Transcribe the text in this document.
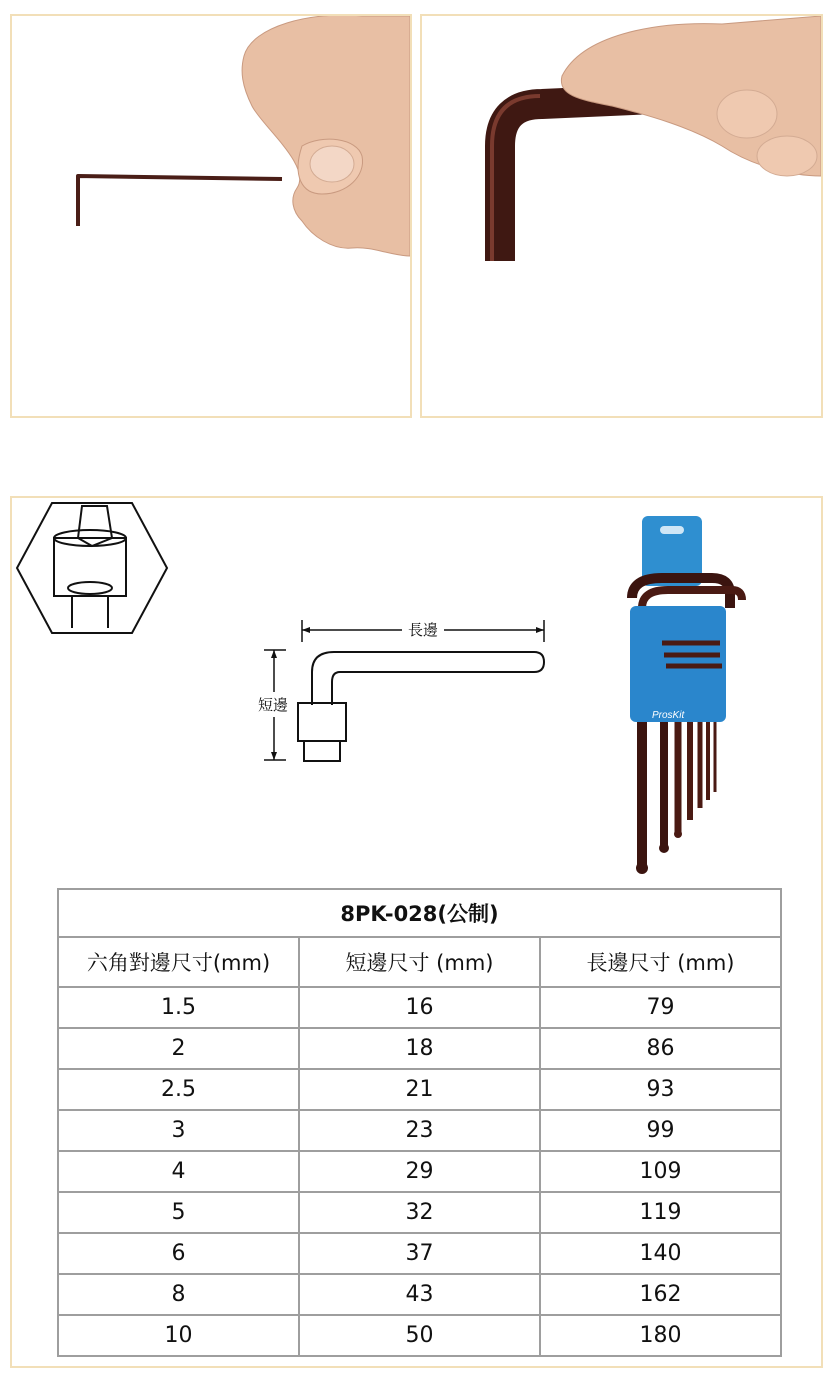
長邊
短邊
ProsKit
8PK-028(公制)		
六角對邊尺寸(mm)	短邊尺寸 (mm)	長邊尺寸 (mm)
1.5	16	79
2	18	86
2.5	21	93
3	23	99
4	29	109
5	32	119
6	37	140
8	43	162
10	50	180
